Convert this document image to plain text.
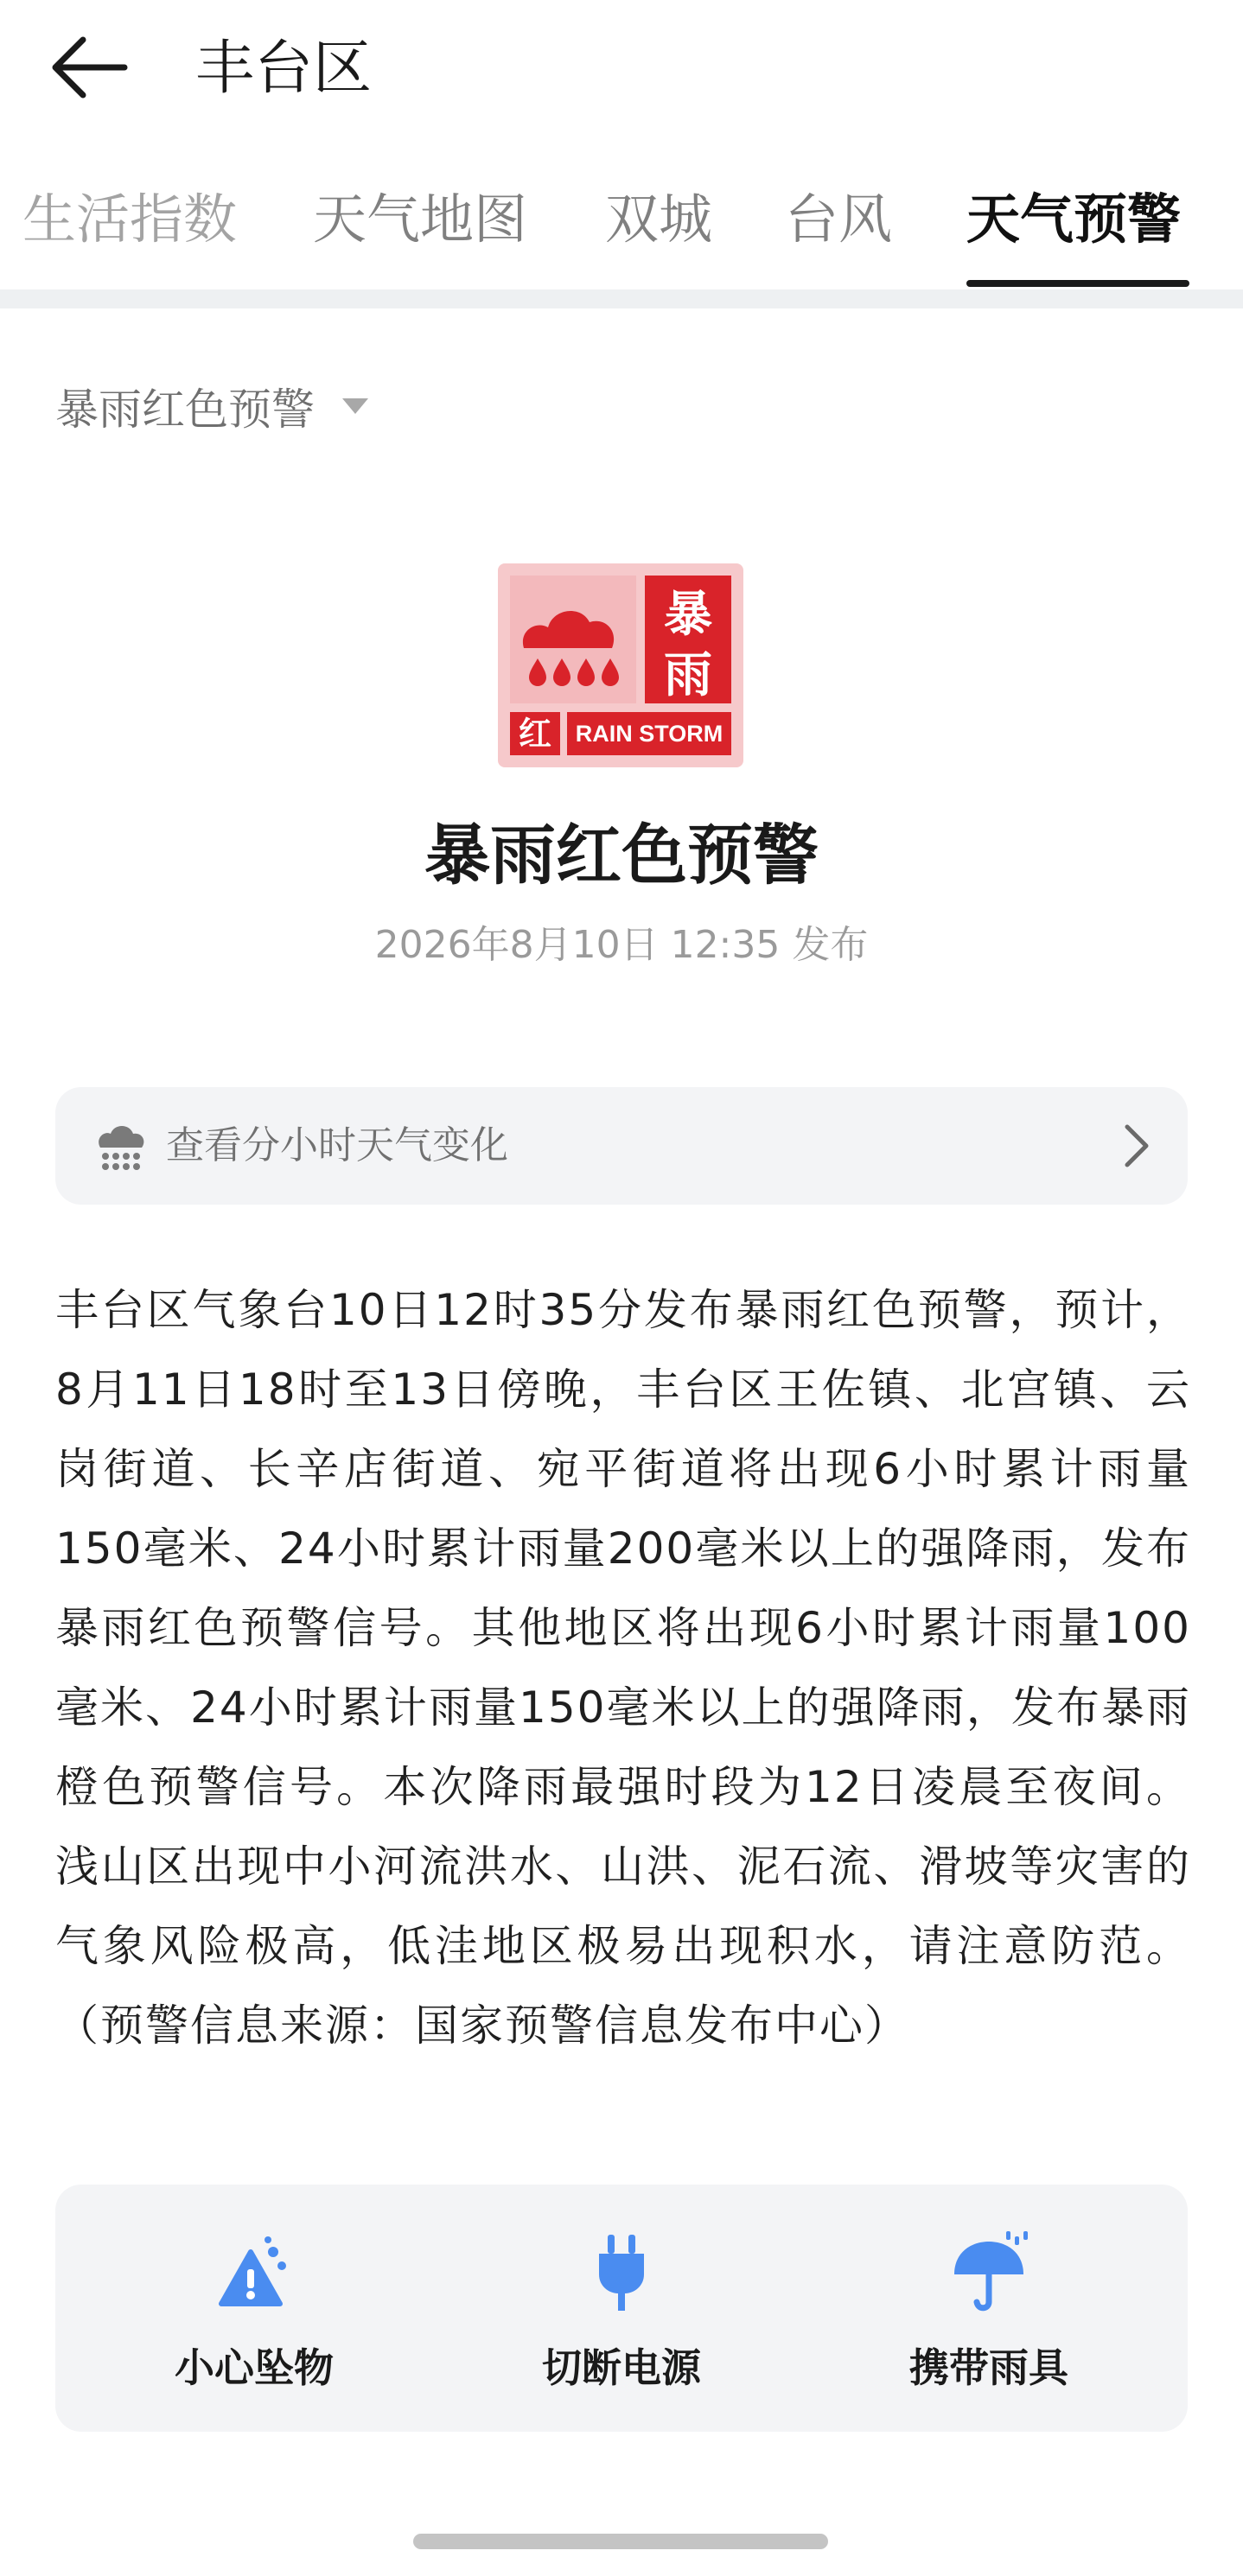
丰台区
生活指数 天气地图 双城 台风 天气预警
暴雨红色预警
暴
雨
红 RAIN STORM
暴雨红色预警
2026年8月10日 12:35 发布
查看分小时天气变化
丰台区气象台10日12时35分发布暴雨红色预警，预计，8月11日18时至13日傍晚，丰台区王佐镇、北宫镇、云岗街道、长辛店街道、宛平街道将出现6小时累计雨量150毫米、24小时累计雨量200毫米以上的强降雨，发布暴雨红色预警信号。其他地区将出现6小时累计雨量100毫米、24小时累计雨量150毫米以上的强降雨，发布暴雨橙色预警信号。本次降雨最强时段为12日凌晨至夜间。浅山区出现中小河流洪水、山洪、泥石流、滑坡等灾害的气象风险极高，低洼地区极易出现积水，请注意防范。（预警信息来源：国家预警信息发布中心）
小心坠物	切断电源	携带雨具
